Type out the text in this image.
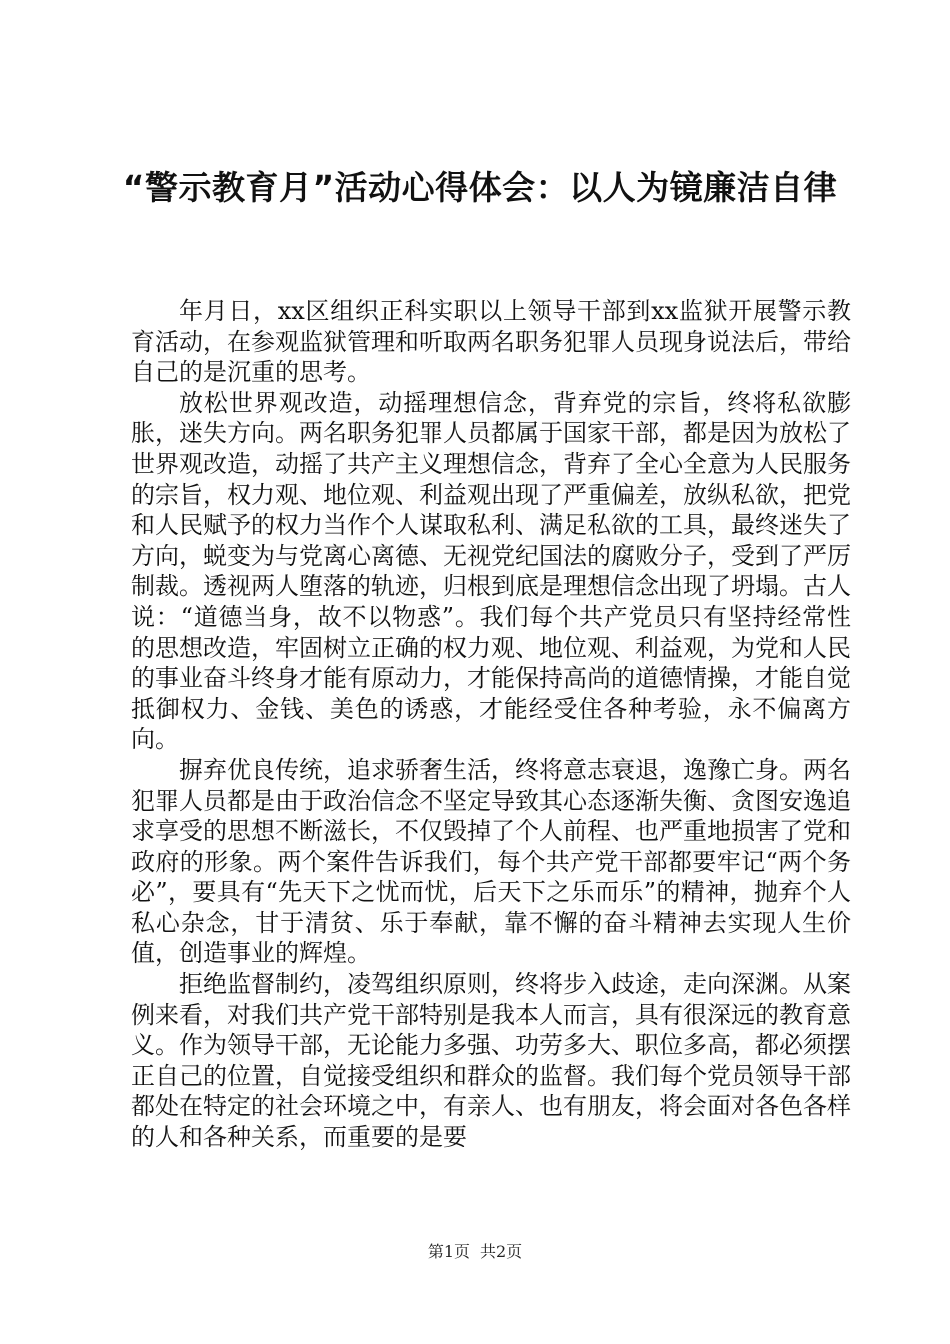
“警示教育月”活动心得体会：以人为镜廉洁自律

年月日，xx区组织正科实职以上领导干部到xx监狱开展警示教育活动，在参观监狱管理和听取两名职务犯罪人员现身说法后，带给自己的是沉重的思考。

放松世界观改造，动摇理想信念，背弃党的宗旨，终将私欲膨胀，迷失方向。两名职务犯罪人员都属于国家干部，都是因为放松了世界观改造，动摇了共产主义理想信念，背弃了全心全意为人民服务的宗旨，权力观、地位观、利益观出现了严重偏差，放纵私欲，把党和人民赋予的权力当作个人谋取私利、满足私欲的工具，最终迷失了方向，蜕变为与党离心离德、无视党纪国法的腐败分子，受到了严厉制裁。透视两人堕落的轨迹，归根到底是理想信念出现了坍塌。古人说：“道德当身，故不以物惑”。我们每个共产党员只有坚持经常性的思想改造，牢固树立正确的权力观、地位观、利益观，为党和人民的事业奋斗终身才能有原动力，才能保持高尚的道德情操，才能自觉抵御权力、金钱、美色的诱惑，才能经受住各种考验，永不偏离方向。

摒弃优良传统，追求骄奢生活，终将意志衰退，逸豫亡身。两名犯罪人员都是由于政治信念不坚定导致其心态逐渐失衡、贪图安逸追求享受的思想不断滋长，不仅毁掉了个人前程、也严重地损害了党和政府的形象。两个案件告诉我们，每个共产党干部都要牢记“两个务必”，要具有“先天下之忧而忧，后天下之乐而乐”的精神，抛弃个人私心杂念，甘于清贫、乐于奉献，靠不懈的奋斗精神去实现人生价值，创造事业的辉煌。

拒绝监督制约，凌驾组织原则，终将步入歧途，走向深渊。从案例来看，对我们共产党干部特别是我本人而言，具有很深远的教育意义。作为领导干部，无论能力多强、功劳多大、职位多高，都必须摆正自己的位置，自觉接受组织和群众的监督。我们每个党员领导干部都处在特定的社会环境之中，有亲人、也有朋友，将会面对各色各样的人和各种关系，而重要的是要

第1页 共2页
